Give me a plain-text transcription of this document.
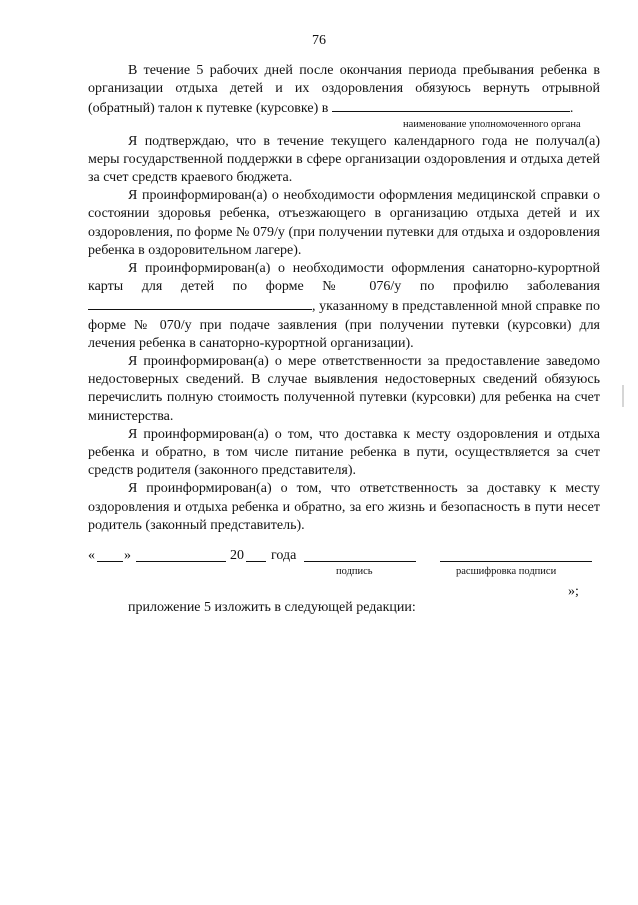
76

В течение 5 рабочих дней после окончания периода пребывания ребенка в организации отдыха детей и их оздоровления обязуюсь вернуть отрывной (обратный) талон к путевке (курсовке) в	.

наименование уполномоченного органа

Я подтверждаю, что в течение текущего календарного года не получал(а) меры государственной поддержки в сфере организации оздоровления и отдыха детей за счет средств краевого бюджета.

Я проинформирован(а) о необходимости оформления медицинской справки о состоянии здоровья ребенка, отъезжающего в организацию отдыха детей и их оздоровления, по форме № 079/у (при получении путевки для отдыха и оздоровления ребенка в оздоровительном лагере).

Я проинформирован(а) о необходимости оформления санаторно-курортной карты для детей по форме № 076/у по профилю заболевания , указанному в представленной мной справке по форме № 070/у при подаче заявления (при получении путевки (курсовки) для лечения ребенка в санаторно-курортной организации).

Я проинформирован(а) о мере ответственности за предоставление заведомо недостоверных сведений. В случае выявления недостоверных сведений обязуюсь перечислить полную стоимость полученной путевки (курсовки) для ребенка на счет министерства.

Я проинформирован(а) о том, что доставка к месту оздоровления и отдыха ребенка и обратно, в том числе питание ребенка в пути, осуществляется за счет средств родителя (законного представителя).

Я проинформирован(а) о том, что ответственность за доставку к месту оздоровления и отдыха ребенка и обратно, за его жизнь и безопасность в пути несет родитель (законный представитель).

« »	20 года
подпись	расшифровка подписи
»;
приложение 5 изложить в следующей редакции:
